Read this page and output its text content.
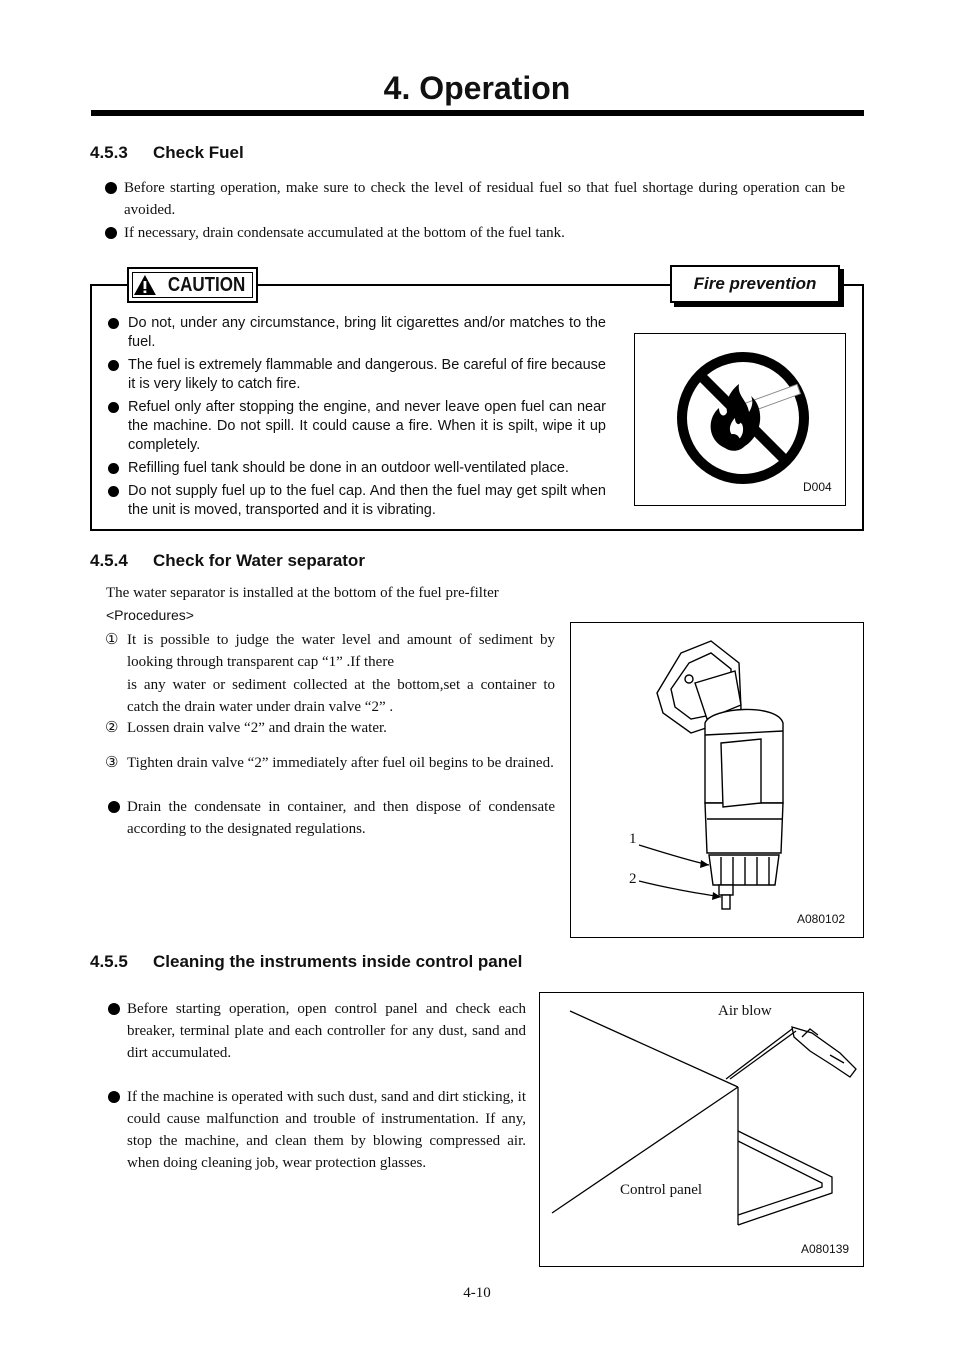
4. Operation
4.5.3 Check Fuel
Before starting operation, make sure to check the level of residual fuel so that fuel shortage during operation can be avoided.
If necessary, drain condensate accumulated at the bottom of the fuel tank.
CAUTION	Fire prevention
Do not, under any circumstance, bring lit cigarettes and/or matches to the fuel.
The fuel is extremely flammable and dangerous. Be careful of fire because it is very likely to catch fire.
Refuel only after stopping the engine, and never leave open fuel can near the machine. Do not spill. It could cause a fire. When it is spilt, wipe it up completely.
Refilling fuel tank should be done in an outdoor well-ventilated place.
Do not supply fuel up to the fuel cap. And then the fuel may get spilt when the unit is moved, transported and it is vibrating.
D004
4.5.4 Check for Water separator
The water separator is installed at the bottom of the fuel pre-filter
<Procedures>
① It is possible to judge the water level and amount of sediment by looking through transparent cap “1” .If there
is any water or sediment collected at the bottom,set a container to catch the drain water under drain valve “2” .
② Lossen drain valve “2” and drain the water.
③ Tighten drain valve “2” immediately after fuel oil begins to be drained.
Drain the condensate in container, and then dispose of condensate according to the designated regulations.
1
2
A080102
4.5.5 Cleaning the instruments inside control panel
Before starting operation, open control panel and check each breaker, terminal plate and each controller for any dust, sand and dirt accumulated.
If the machine is operated with such dust, sand and dirt sticking, it could cause malfunction and trouble of instrumentation. If any, stop the machine, and clean them by blowing compressed air. when doing cleaning job, wear protection glasses.
Air blow
Control panel
A080139
4-10
